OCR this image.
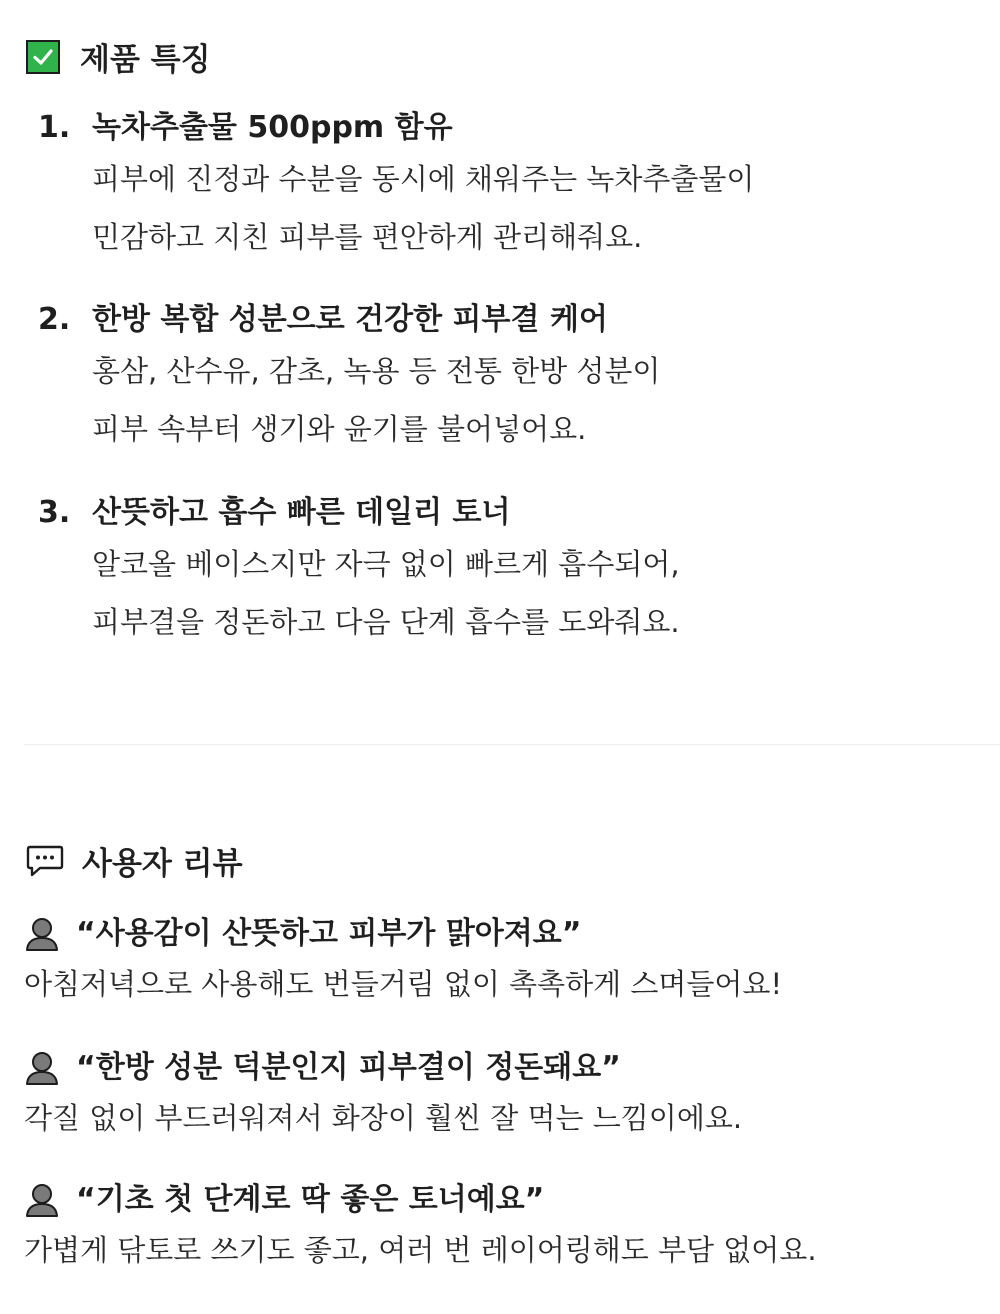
제품 특징
1. 녹차추출물 500ppm 함유
피부에 진정과 수분을 동시에 채워주는 녹차추출물이
민감하고 지친 피부를 편안하게 관리해줘요.
2. 한방 복합 성분으로 건강한 피부결 케어
홍삼, 산수유, 감초, 녹용 등 전통 한방 성분이
피부 속부터 생기와 윤기를 불어넣어요.
3. 산뜻하고 흡수 빠른 데일리 토너
알코올 베이스지만 자극 없이 빠르게 흡수되어,
피부결을 정돈하고 다음 단계 흡수를 도와줘요.
사용자 리뷰
“사용감이 산뜻하고 피부가 맑아져요”
아침저녁으로 사용해도 번들거림 없이 촉촉하게 스며들어요!
“한방 성분 덕분인지 피부결이 정돈돼요”
각질 없이 부드러워져서 화장이 훨씬 잘 먹는 느낌이에요.
“기초 첫 단계로 딱 좋은 토너예요”
가볍게 닦토로 쓰기도 좋고, 여러 번 레이어링해도 부담 없어요.
